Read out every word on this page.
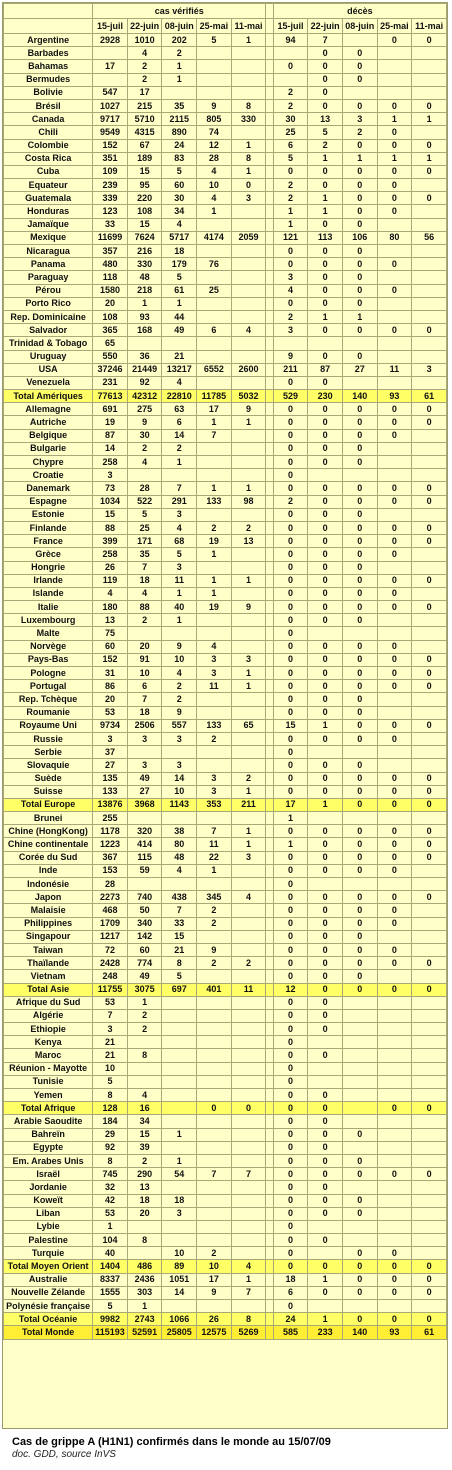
	cas vérifiés						décès				
	15-juil	22-juin	08-juin	25-mai	11-mai		15-juil	22-juin	08-juin	25-mai	11-mai
Argentine	2928	1010	202	5	1		94	7		0	0
Barbades		4	2					0	0		
Bahamas	17	2	1				0	0	0		
Bermudes		2	1					0	0		
Bolivie	547	17					2	0			
Brésil	1027	215	35	9	8		2	0	0	0	0
Canada	9717	5710	2115	805	330		30	13	3	1	1
Chili	9549	4315	890	74			25	5	2	0	
Colombie	152	67	24	12	1		6	2	0	0	0
Costa Rica	351	189	83	28	8		5	1	1	1	1
Cuba	109	15	5	4	1		0	0	0	0	0
Equateur	239	95	60	10	0		2	0	0	0	
Guatemala	339	220	30	4	3		2	1	0	0	0
Honduras	123	108	34	1			1	1	0	0	
Jamaïque	33	15	4				1	0	0		
Mexique	11699	7624	5717	4174	2059		121	113	106	80	56
Nicaragua	357	216	18				0	0	0		
Panama	480	330	179	76			0	0	0	0	
Paraguay	118	48	5				3	0	0		
Pérou	1580	218	61	25			4	0	0	0	
Porto Rico	20	1	1				0	0	0		
Rep. Dominicaine	108	93	44				2	1	1		
Salvador	365	168	49	6	4		3	0	0	0	0
Trinidad & Tobago	65										
Uruguay	550	36	21				9	0	0		
USA	37246	21449	13217	6552	2600		211	87	27	11	3
Venezuela	231	92	4				0	0			
Total Amériques	77613	42312	22810	11785	5032		529	230	140	93	61
Allemagne	691	275	63	17	9		0	0	0	0	0
Autriche	19	9	6	1	1		0	0	0	0	0
Belgique	87	30	14	7			0	0	0	0	
Bulgarie	14	2	2				0	0	0		
Chypre	258	4	1				0	0	0		
Croatie	3						0				
Danemark	73	28	7	1	1		0	0	0	0	0
Espagne	1034	522	291	133	98		2	0	0	0	0
Estonie	15	5	3				0	0	0		
Finlande	88	25	4	2	2		0	0	0	0	0
France	399	171	68	19	13		0	0	0	0	0
Grèce	258	35	5	1			0	0	0	0	
Hongrie	26	7	3				0	0	0		
Irlande	119	18	11	1	1		0	0	0	0	0
Islande	4	4	1	1			0	0	0	0	
Italie	180	88	40	19	9		0	0	0	0	0
Luxembourg	13	2	1				0	0	0		
Malte	75						0				
Norvège	60	20	9	4			0	0	0	0	
Pays-Bas	152	91	10	3	3		0	0	0	0	0
Pologne	31	10	4	3	1		0	0	0	0	0
Portugal	86	6	2	11	1		0	0	0	0	0
Rep. Tchèque	20	7	2				0	0	0		
Roumanie	53	18	9				0	0	0		
Royaume Uni	9734	2506	557	133	65		15	1	0	0	0
Russie	3	3	3	2			0	0	0	0	
Serbie	37						0				
Slovaquie	27	3	3				0	0	0		
Suède	135	49	14	3	2		0	0	0	0	0
Suisse	133	27	10	3	1		0	0	0	0	0
Total Europe	13876	3968	1143	353	211		17	1	0	0	0
Brunei	255						1				
Chine (HongKong)	1178	320	38	7	1		0	0	0	0	0
Chine continentale	1223	414	80	11	1		1	0	0	0	0
Corée du Sud	367	115	48	22	3		0	0	0	0	0
Inde	153	59	4	1			0	0	0	0	
Indonésie	28						0				
Japon	2273	740	438	345	4		0	0	0	0	0
Malaisie	468	50	7	2			0	0	0	0	
Philippines	1709	340	33	2			0	0	0	0	
Singapour	1217	142	15				0	0	0		
Taiwan	72	60	21	9			0	0	0	0	
Thaïlande	2428	774	8	2	2		0	0	0	0	0
Vietnam	248	49	5				0	0	0		
Total Asie	11755	3075	697	401	11		12	0	0	0	0
Afrique du Sud	53	1					0	0			
Algérie	7	2					0	0			
Ethiopie	3	2					0	0			
Kenya	21						0				
Maroc	21	8					0	0			
Réunion - Mayotte	10						0				
Tunisie	5						0				
Yemen	8	4					0	0			
Total Afrique	128	16		0	0		0	0		0	0
Arabie Saoudite	184	34					0	0			
Bahreïn	29	15	1				0	0	0		
Egypte	92	39					0	0			
Em. Arabes Unis	8	2	1				0	0	0		
Israël	745	290	54	7	7		0	0	0	0	0
Jordanie	32	13					0	0			
Koweït	42	18	18				0	0	0		
Liban	53	20	3				0	0	0		
Lybie	1						0				
Palestine	104	8					0	0			
Turquie	40		10	2			0		0	0	
Total Moyen Orient	1404	486	89	10	4		0	0	0	0	0
Australie	8337	2436	1051	17	1		18	1	0	0	0
Nouvelle Zélande	1555	303	14	9	7		6	0	0	0	0
Polynésie française	5	1					0				
Total Océanie	9982	2743	1066	26	8		24	1	0	0	0
Total Monde	115193	52591	25805	12575	5269		585	233	140	93	61
Cas de grippe A (H1N1) confirmés dans le monde au 15/07/09
doc. GDD, source InVS
